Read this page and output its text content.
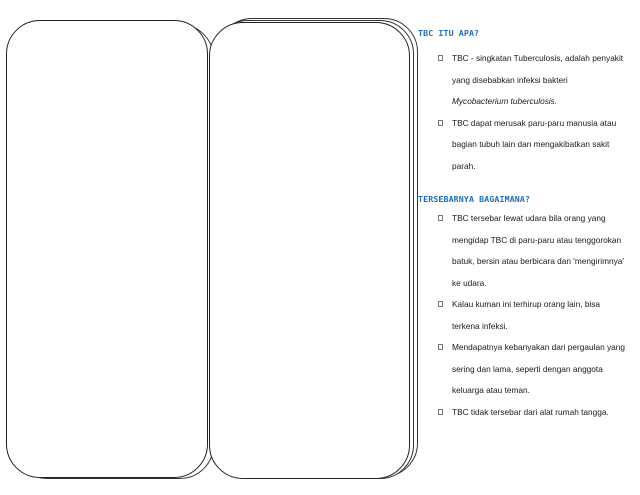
TBC ITU APA?

TBC - singkatan Tuberculosis, adalah penyakit
yang disebabkan infeksi bakteri
Mycobacterium tuberculosis.
TBC dapat merusak paru-paru manusia atau
bagian tubuh lain dan mengakibatkan sakit
parah.

TERSEBARNYA BAGAIMANA?

TBC tersebar lewat udara bila orang yang
mengidap TBC di paru-paru atau tenggorokan
batuk, bersin atau berbicara dan 'mengirimnya'
ke udara.
Kalau kuman ini terhirup orang lain, bisa
terkena infeksi.
Mendapatnya kebanyakan dari pergaulan yang
sering dan lama, seperti dengan anggota
keluarga atau teman.
TBC tidak tersebar dari alat rumah tangga.
